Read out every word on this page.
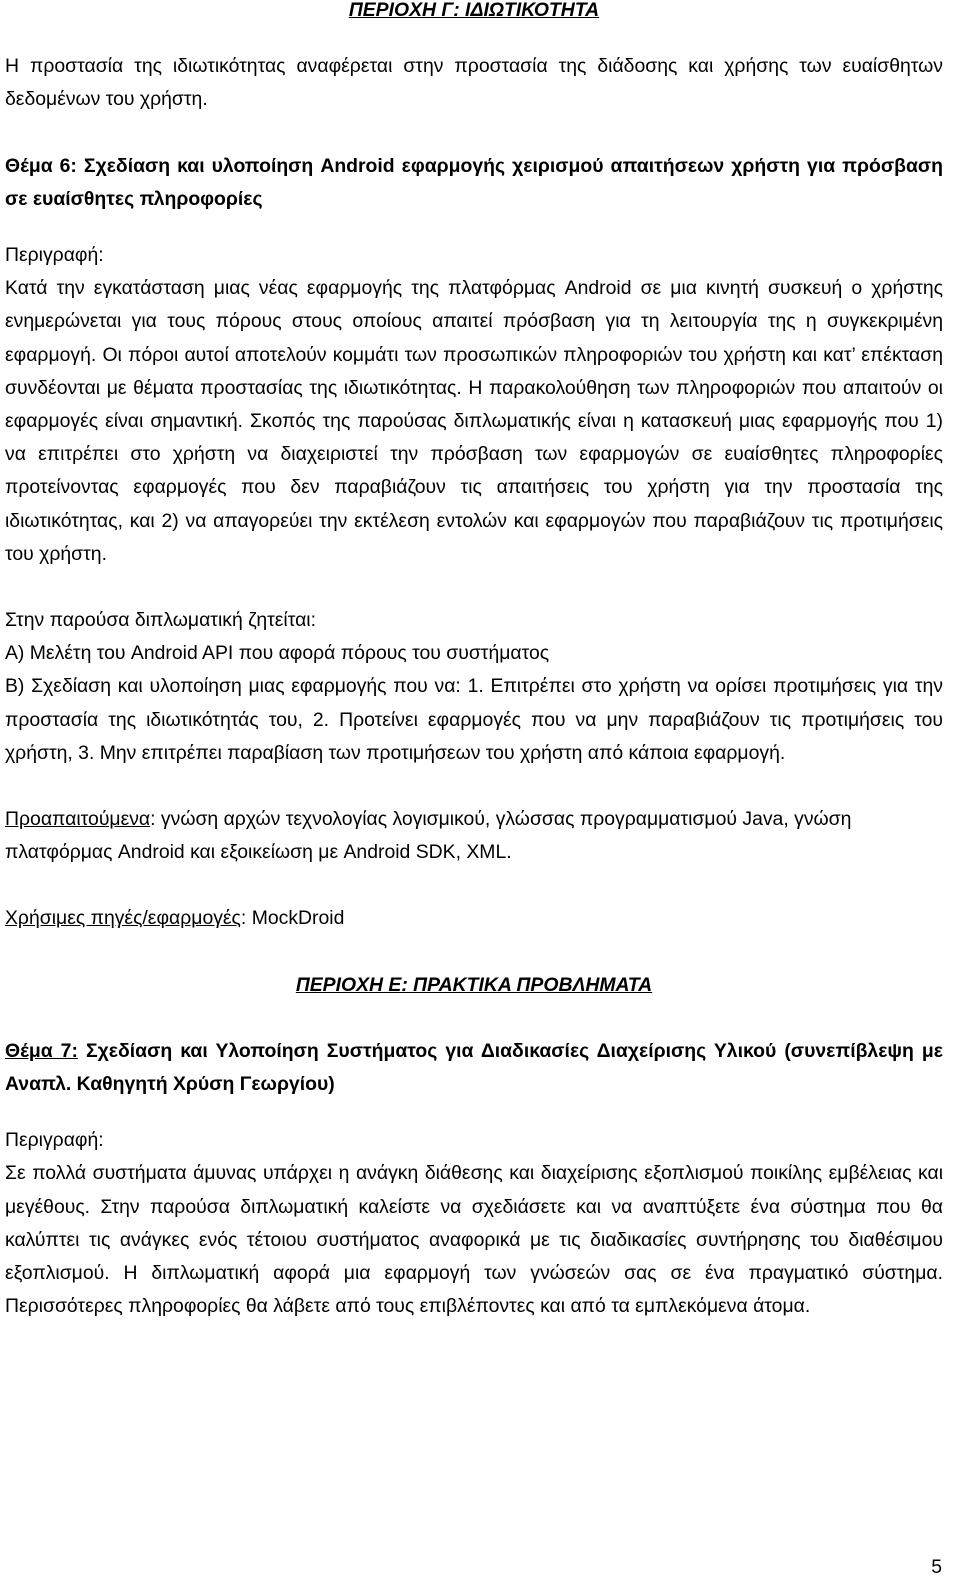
ΠΕΡΙΟΧΗ Γ: ΙΔΙΩΤΙΚΟΤΗΤΑ

Η προστασία της ιδιωτικότητας αναφέρεται στην προστασία της διάδοσης και χρήσης των ευαίσθητων δεδομένων του χρήστη.

Θέμα 6: Σχεδίαση και υλοποίηση Android εφαρμογής χειρισμού απαιτήσεων χρήστη για πρόσβαση σε ευαίσθητες πληροφορίες

Περιγραφή:

Κατά την εγκατάσταση μιας νέας εφαρμογής της πλατφόρμας Android σε μια κινητή συσκευή ο χρήστης ενημερώνεται για τους πόρους στους οποίους απαιτεί πρόσβαση για τη λειτουργία της η συγκεκριμένη εφαρμογή. Οι πόροι αυτοί αποτελούν κομμάτι των προσωπικών πληροφοριών του χρήστη και κατ’ επέκταση συνδέονται με θέματα προστασίας της ιδιωτικότητας. Η παρακολούθηση των πληροφοριών που απαιτούν οι εφαρμογές είναι σημαντική. Σκοπός της παρούσας διπλωματικής είναι η κατασκευή μιας εφαρμογής που 1) να επιτρέπει στο χρήστη να διαχειριστεί την πρόσβαση των εφαρμογών σε ευαίσθητες πληροφορίες προτείνοντας εφαρμογές που δεν παραβιάζουν τις απαιτήσεις του χρήστη για την προστασία της ιδιωτικότητας, και 2) να απαγορεύει την εκτέλεση εντολών και εφαρμογών που παραβιάζουν τις προτιμήσεις του χρήστη.

Στην παρούσα διπλωματική ζητείται:

Α) Μελέτη του Android API που αφορά πόρους του συστήματος

Β) Σχεδίαση και υλοποίηση μιας εφαρμογής που να: 1. Επιτρέπει στο χρήστη να ορίσει προτιμήσεις για την προστασία της ιδιωτικότητάς του, 2. Προτείνει εφαρμογές που να μην παραβιάζουν τις προτιμήσεις του χρήστη, 3. Μην επιτρέπει παραβίαση των προτιμήσεων του χρήστη από κάποια εφαρμογή.

Προαπαιτούμενα: γνώση αρχών τεχνολογίας λογισμικού, γλώσσας προγραμματισμού Java, γνώση πλατφόρμας Android και εξοικείωση με Android SDK, XML.

Χρήσιμες πηγές/εφαρμογές: MockDroid

ΠΕΡΙΟΧΗ Ε: ΠΡΑΚΤΙΚΑ ΠΡΟΒΛΗΜΑΤΑ

Θέμα 7: Σχεδίαση και Υλοποίηση Συστήματος για Διαδικασίες Διαχείρισης Υλικού (συνεπίβλεψη με Αναπλ. Καθηγητή Χρύση Γεωργίου)

Περιγραφή:

Σε πολλά συστήματα άμυνας υπάρχει η ανάγκη διάθεσης και διαχείρισης εξοπλισμού ποικίλης εμβέλειας και μεγέθους. Στην παρούσα διπλωματική καλείστε να σχεδιάσετε και να αναπτύξετε ένα σύστημα που θα καλύπτει τις ανάγκες ενός τέτοιου συστήματος αναφορικά με τις διαδικασίες συντήρησης του διαθέσιμου εξοπλισμού. Η διπλωματική αφορά μια εφαρμογή των γνώσεών σας σε ένα πραγματικό σύστημα. Περισσότερες πληροφορίες θα λάβετε από τους επιβλέποντες και από τα εμπλεκόμενα άτομα.

5
